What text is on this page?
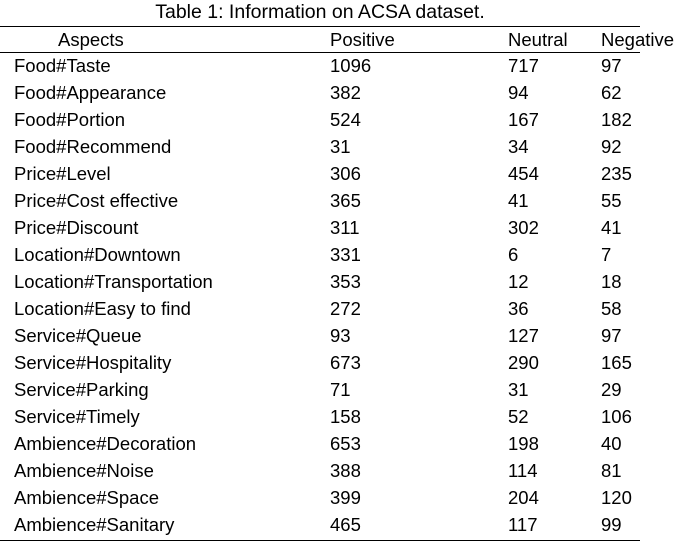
Table 1: Information on ACSA dataset.
Aspects	Positive	Neutral	Negative
Food#Taste	1096	717	97
Food#Appearance	382	94	62
Food#Portion	524	167	182
Food#Recommend	31	34	92
Price#Level	306	454	235
Price#Cost effective	365	41	55
Price#Discount	311	302	41
Location#Downtown	331	6	7
Location#Transportation	353	12	18
Location#Easy to find	272	36	58
Service#Queue	93	127	97
Service#Hospitality	673	290	165
Service#Parking	71	31	29
Service#Timely	158	52	106
Ambience#Decoration	653	198	40
Ambience#Noise	388	114	81
Ambience#Space	399	204	120
Ambience#Sanitary	465	117	99
